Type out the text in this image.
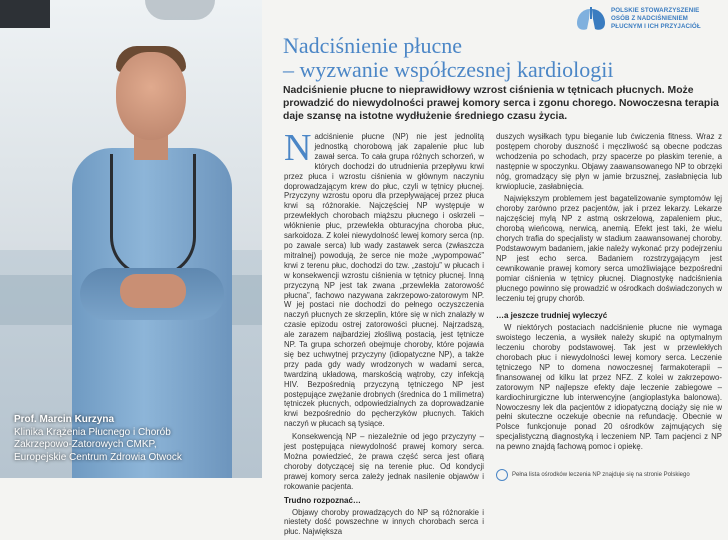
Prof. Marcin Kurzyna
Klinika Krążenia Płucnego i Chorób
Zakrzepowo-Zatorowych CMKP,
Europejskie Centrum Zdrowia Otwock
POLSKIE STOWARZYSZENIE
OSÓB Z NADCIŚNIENIEM
PŁUCNYM I ICH PRZYJACIÓŁ
Nadciśnienie płucne
– wyzwanie współczesnej kardiologii
Nadciśnienie płucne to nieprawidłowy wzrost ciśnienia w tętnicach płucnych. Może prowadzić do niewydolności prawej komory serca i zgonu chorego. Nowoczesna terapia daje szansę na istotne wydłużenie średniego czasu życia.

Nadciśnienie płucne (NP) nie jest jednolitą jednostką chorobową jak zapalenie płuc lub zawał serca. To cała grupa różnych schorzeń, w których dochodzi do utrudnienia przepływu krwi przez płuca i wzrostu ciśnienia w głównym naczyniu doprowadzającym krew do płuc, czyli w tętnicy płucnej. Przyczyny wzrostu oporu dla przepływającej przez płuca krwi są różnorakie. Najczęściej NP występuje w przewlekłych chorobach miąższu płucnego i oskrzeli – włóknienie płuc, przewlekła obturacyjna choroba płuc, sarkoidoza. Z kolei niewydolność lewej komory serca (np. po zawale serca) lub wady zastawek serca (zwłaszcza mitralnej) powodują, że serce nie może „wypompować” krwi z terenu płuc, dochodzi do tzw. „zastoju” w płucach i w konsekwencji wzrostu ciśnienia w tętnicy płucnej. Inną przyczyną NP jest tak zwana „przewlekła zatorowość płucna”, fachowo nazywana zakrzepowo-zatorowym NP. W jej postaci nie dochodzi do pełnego oczyszczenia naczyń płucnych ze skrzeplin, które się w nich znalazły w czasie epizodu ostrej zatorowości płucnej. Najrzadszą, ale zarazem najbardziej złośliwą postacią, jest tętnicze NP. Ta grupa schorzeń obejmuje choroby, które pojawia się bez uchwytnej przyczyny (idiopatyczne NP), a także przy pada gdy wady wrodzonych w wadami serca, twardziną układową, marskością wątroby, czy infekcją HIV. Bezpośrednią przyczyną tętniczego NP jest postępujące zwężanie drobnych (średnica do 1 milimetra) tętniczek płucnych, odpowiedzialnych za doprowadzanie krwi bezpośrednio do pęcherzyków płucnych. Takich naczyń w płucach są tysiące.

Konsekwencją NP – niezależnie od jego przyczyny – jest postępująca niewydolność prawej komory serca. Można powiedzieć, że prawa część serca jest ofiarą choroby dotyczącej się na terenie płuc. Od kondycji prawej komory serca zależy jednak nasilenie objawów i rokowanie pacjenta.

Trudno rozpoznać…

Objawy choroby prowadzących do NP są różnorakie i niestety dość powszechne w innych chorobach serca i płuc. Największa

duszych wysiłkach typu bieganie lub ćwiczenia fitness. Wraz z postępem choroby duszność i męczliwość są obecne podczas wchodzenia po schodach, przy spacerze po płaskim terenie, a następnie w spoczynku. Objawy zaawansowanego NP to obrzęki nóg, gromadzący się płyn w jamie brzusznej, zasłabnięcia lub krwioplucie, zasłabnięcia.

Największym problemem jest bagatelizowanie symptomów lęj choroby zarówno przez pacjentów, jak i przez lekarzy. Lekarze najczęściej mylą NP z astmą oskrzelową, zapaleniem płuc, chorobą wieńcową, nerwicą, anemią. Efekt jest taki, że wielu chorych trafia do specjalisty w stadium zaawansowanej choroby. Podstawowym badaniem, jakie należy wykonać przy podejrzeniu NP jest echo serca. Badaniem rozstrzygającym jest cewnikowanie prawej komory serca umożliwiające bezpośredni pomiar ciśnienia w tętnicy płucnej. Diagnostykę nadciśnienia płucnego powinno się prowadzić w ośrodkach doświadczonych w leczeniu tej grupy chorób.

…a jeszcze trudniej wyleczyć

W niektórych postaciach nadciśnienie płucne nie wymaga swoistego leczenia, a wysiłek należy skupić na optymalnym leczeniu choroby podstawowej. Tak jest w przewlekłych chorobach płuc i niewydolności lewej komory serca. Leczenie tętniczego NP to domena nowoczesnej farmakoterapii – finansowanej od kilku lat przez NFZ. Z kolei w zakrzepowo-zatorowym NP najlepsze efekty daje leczenie zabiegowe – kardiochirurgiczne lub interwencyjne (angioplastyka balonowa). Nowoczesny lek dla pacjentów z idiopatyczną dociąży się nie w pełni skuteczne oczekuje obecnie na refundację. Obecnie w Polsce funkcjonuje ponad 20 ośrodków zajmujących się specjalistyczną diagnostyką i leczeniem NP. Tam pacjenci z NP na pewno znajdą fachową pomoc i opiekę.

Pełna lista ośrodków leczenia NP znajduje się na stronie Polskiego
